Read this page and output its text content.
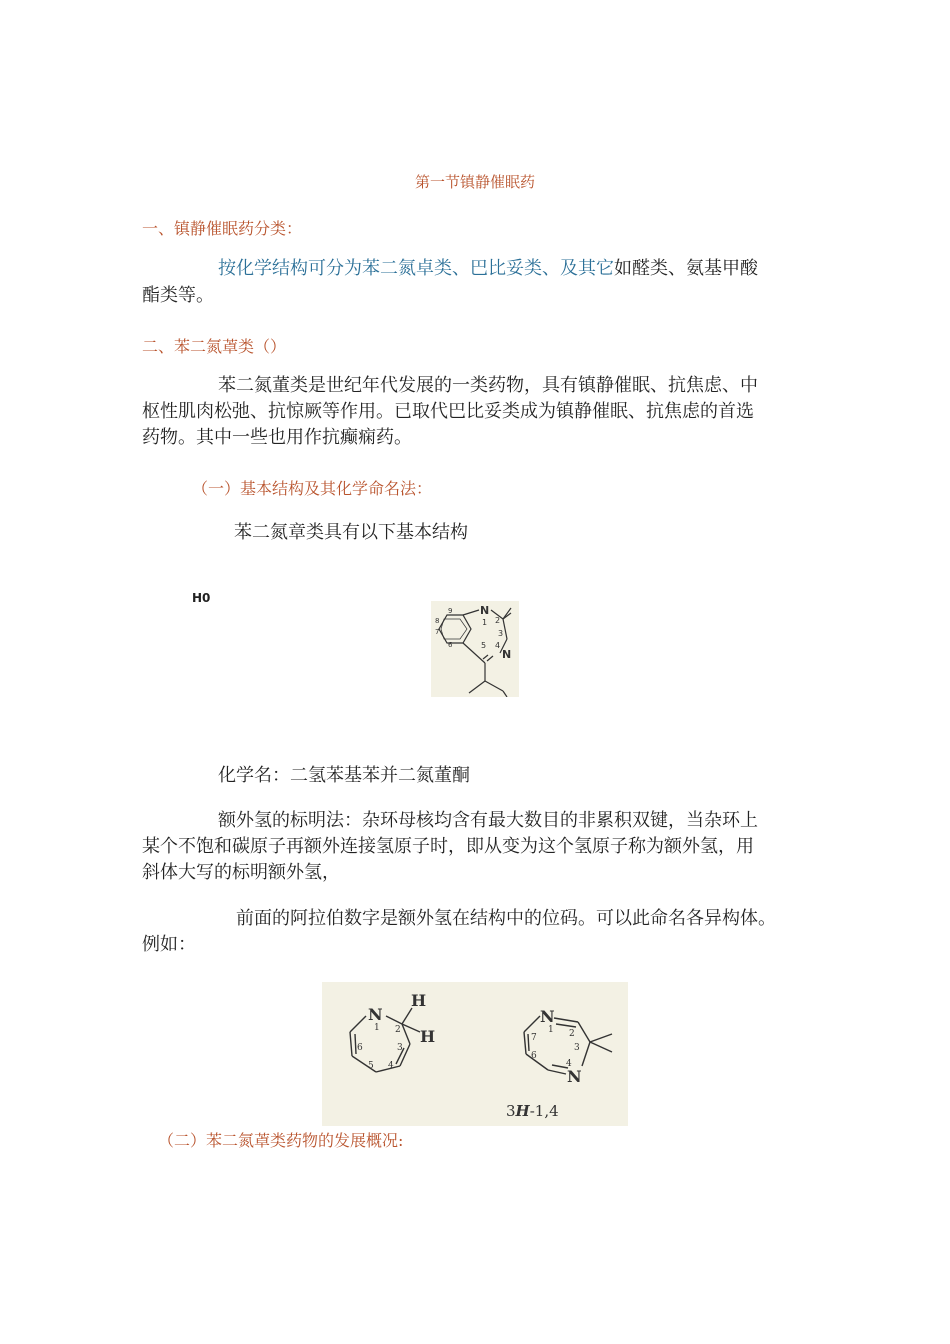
第一节镇静催眠药
一、镇静催眠药分类：
按化学结构可分为苯二氮卓类、巴比妥类、及其它如醛类、氨基甲酸
酯类等。
二、苯二氮䓬类（）
苯二氮董类是世纪年代发展的一类药物，具有镇静催眠、抗焦虑、中
枢性肌肉松弛、抗惊厥等作用。已取代巴比妥类成为镇静催眠、抗焦虑的首选
药物。其中一些也用作抗癫痫药。
（一）基本结构及其化学命名法：
苯二氮章类具有以下基本结构
H0
N
N
1 2
3
4
5
6
7
8
9
化学名：二氢苯基苯并二氮董酮
额外氢的标明法：杂环母核均含有最大数目的非累积双键，当杂环上
某个不饱和碳原子再额外连接氢原子时，即从变为这个氢原子称为额外氢，用
斜体大写的标明额外氢，
前面的阿拉伯数字是额外氢在结构中的位码。可以此命名各异构体。
例如：
N
H
H
1 2
3
4
5
6
N
N
1 2
3
4
6
7
3H-1,4
（二）苯二氮䓬类药物的发展概况:
